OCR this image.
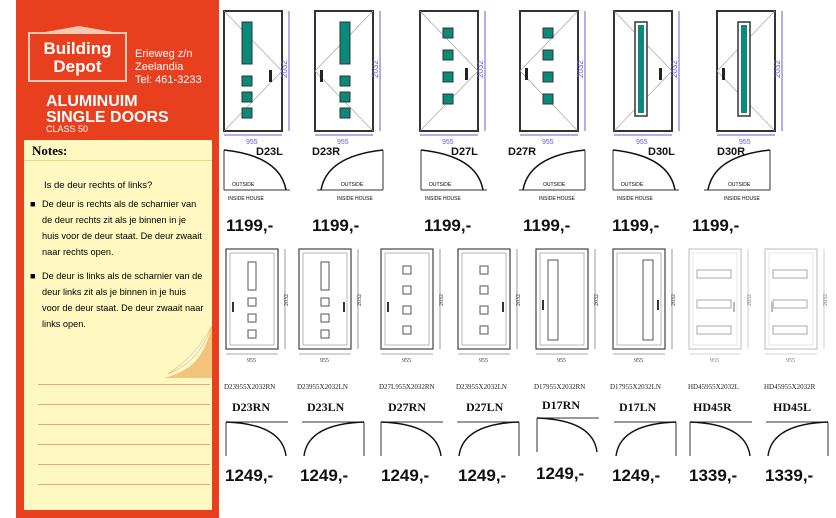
Building
Depot
Erieweg z/n
Zeelandia
Tel: 461-3233
ALUMINUIM
SINGLE DOORS
CLASS 50
Notes:
Is de deur rechts of links?
■ De deur is rechts als de scharnier van de deur rechts zit als je binnen in je huis voor de deur staat. De deur zwaait naar rechts open.
■ De deur is links als de scharnier van de deur links zit als je binnen in je huis voor de deur staat. De deur zwaait naar links open.
2032
955
2032
955
2032
955
2032
955
2032
955
2032
955
OUTSIDE
INSIDE HOUSE
OUTSIDE
INSIDE HOUSE
OUTSIDE
INSIDE HOUSE
OUTSIDE
INSIDE HOUSE
OUTSIDE
INSIDE HOUSE
OUTSIDE
INSIDE HOUSE
D23L	D23R	D27L	D27R	D30L	D30R
1199,- 1199,-	1199,-	1199,- 1199,- 1199,-
2032
955
2032
955
2032
955
2032
955
2032
955
2032
955
2032
955
2032
955
D23955X2032RN	D23955X2032LN	D27L955X2032RN	D23955X2032LN	D17955X2032RN	D17955X2032LN	HD45955X2032L	HD45955X2032R
D23RN	D23LN	D27RN	D27LN	D17RN	D17LN	HD45R	HD45L
1249,- 1249,- 1249,- 1249,- 1249,- 1249,- 1339,- 1339,-
